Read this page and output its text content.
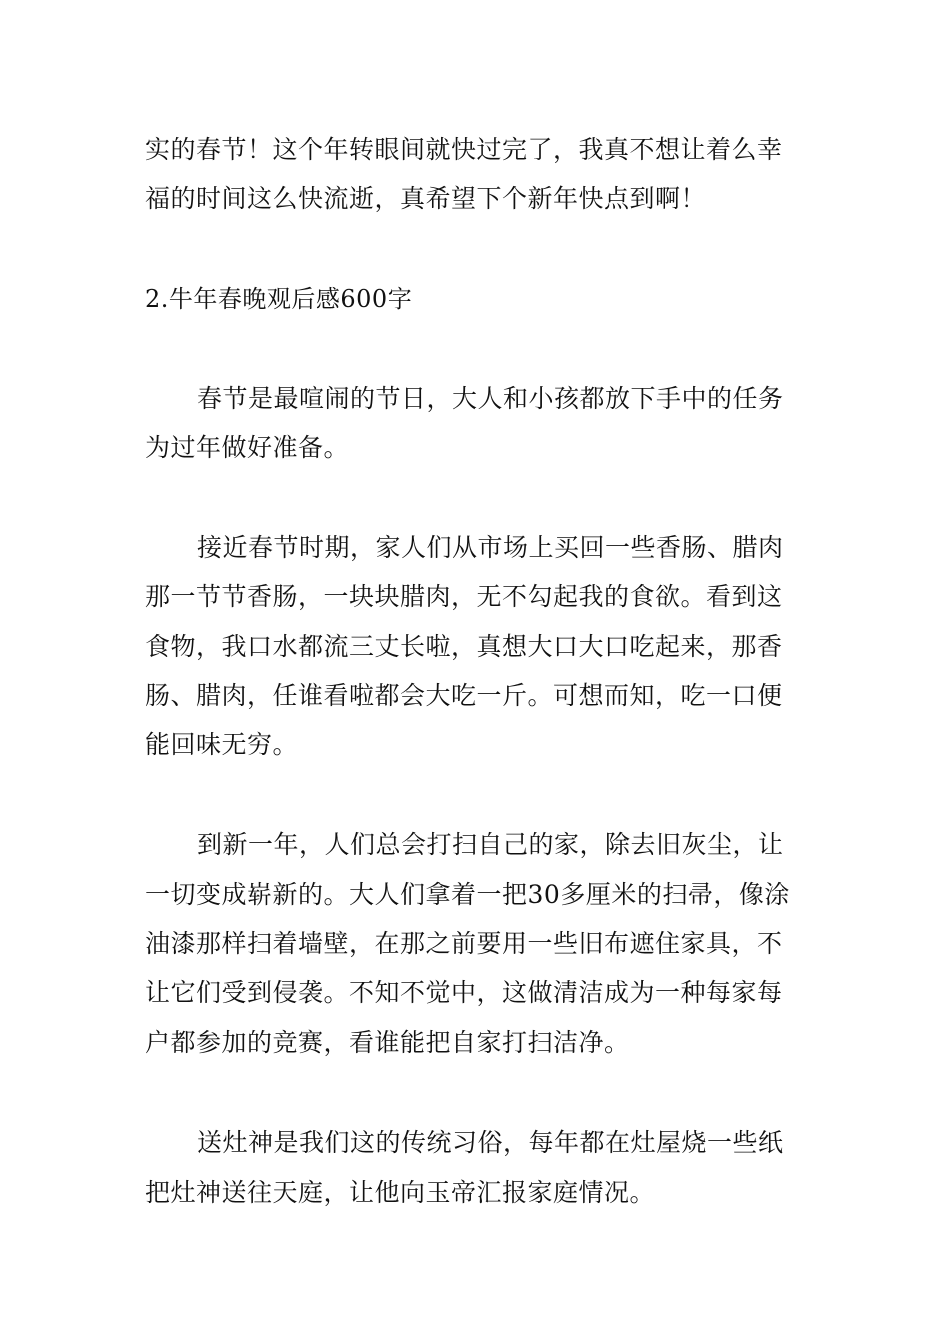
实的春节！这个年转眼间就快过完了，我真不想让着么幸

福的时间这么快流逝，真希望下个新年快点到啊！

2.牛年春晚观后感600字

春节是最喧闹的节日，大人和小孩都放下手中的任务

为过年做好准备。

接近春节时期，家人们从市场上买回一些香肠、腊肉

那一节节香肠，一块块腊肉，无不勾起我的食欲。看到这

食物，我口水都流三丈长啦，真想大口大口吃起来，那香

肠、腊肉，任谁看啦都会大吃一斤。可想而知，吃一口便

能回味无穷。

到新一年，人们总会打扫自己的家，除去旧灰尘，让

一切变成崭新的。大人们拿着一把30多厘米的扫帚，像涂

油漆那样扫着墙壁，在那之前要用一些旧布遮住家具，不

让它们受到侵袭。不知不觉中，这做清洁成为一种每家每

户都参加的竞赛，看谁能把自家打扫洁净。

送灶神是我们这的传统习俗，每年都在灶屋烧一些纸

把灶神送往天庭，让他向玉帝汇报家庭情况。
